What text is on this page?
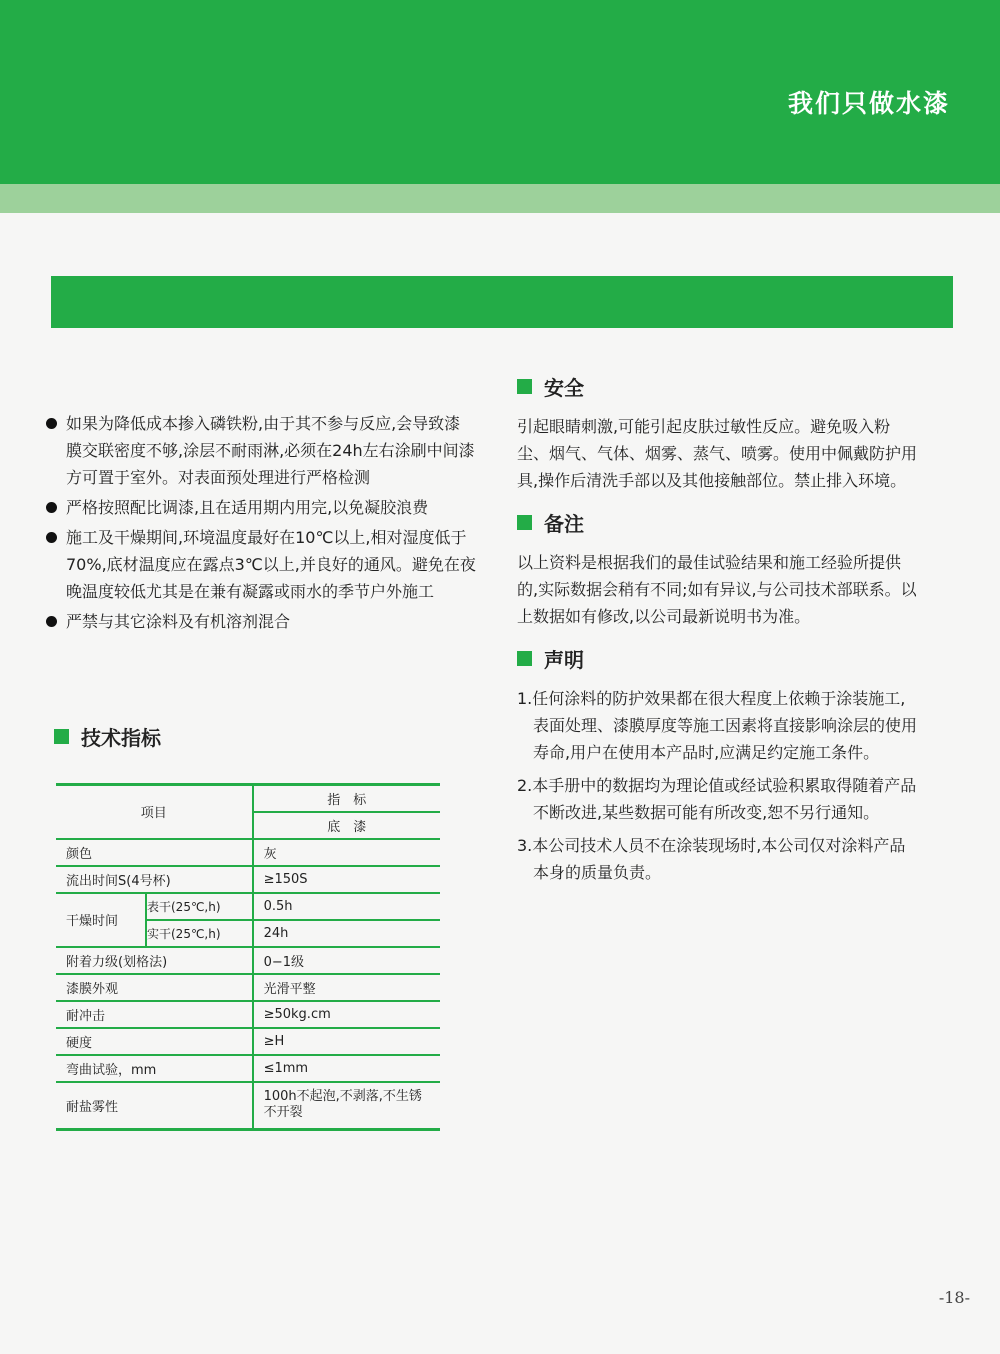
我们只做水漆
如果为降低成本掺入磷铁粉,由于其不参与反应,会导致漆膜交联密度不够,涂层不耐雨淋,必须在24h左右涂刷中间漆方可置于室外。对表面预处理进行严格检测
严格按照配比调漆,且在适用期内用完,以免凝胶浪费
施工及干燥期间,环境温度最好在10℃以上,相对湿度低于70%,底材温度应在露点3℃以上,并良好的通风。避免在夜晚温度较低尤其是在兼有凝露或雨水的季节户外施工
严禁与其它涂料及有机溶剂混合
技术指标
项目		指　标
		底　漆
颜色		灰
流出时间S(4号杯)		≥150S
干燥时间	表干(25℃,h)	0.5h
	实干(25℃,h)	24h
附着力级(划格法)		0−1级
漆膜外观		光滑平整
耐冲击		≥50kg.cm
硬度		≥H
弯曲试验，mm		≤1mm
耐盐雾性		100h不起泡,不剥落,不生锈
不开裂
安全
引起眼睛刺激,可能引起皮肤过敏性反应。避免吸入粉尘、烟气、气体、烟雾、蒸气、喷雾。使用中佩戴防护用具,操作后清洗手部以及其他接触部位。禁止排入环境。
备注
以上资料是根据我们的最佳试验结果和施工经验所提供的,实际数据会稍有不同;如有异议,与公司技术部联系。以上数据如有修改,以公司最新说明书为准。
声明
1.任何涂料的防护效果都在很大程度上依赖于涂装施工,表面处理、漆膜厚度等施工因素将直接影响涂层的使用寿命,用户在使用本产品时,应满足约定施工条件。
2.本手册中的数据均为理论值或经试验积累取得随着产品不断改进,某些数据可能有所改变,恕不另行通知。
3.本公司技术人员不在涂装现场时,本公司仅对涂料产品本身的质量负责。
-18-
